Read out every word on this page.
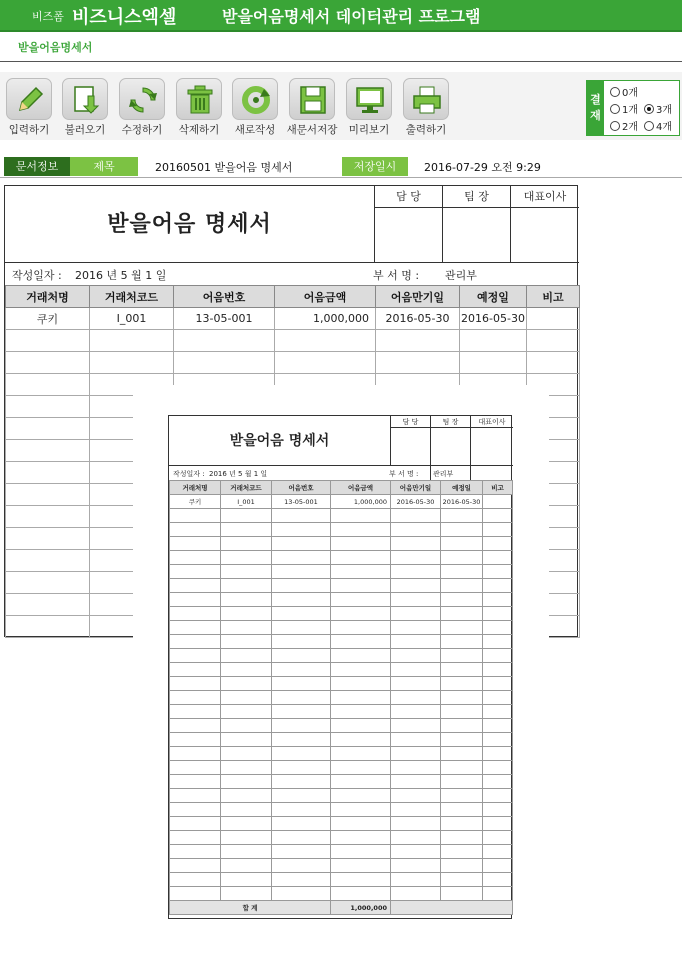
비즈폼 비즈니스엑셀	받을어음명세서 데이터관리 프로그램
받을어음명세서
입력하기	불러오기	수정하기	삭제하기	새로작성	새문서저장	미리보기	출력하기
결재
0개
1개	3개
2개	4개
문서정보	제목	20160501 받을어음 명세서	저장일시	2016-07-29 오전 9:29
받을어음 명세서
담 당	팀 장	대표이사
작성일자 : 2016 년 5 월 1 일	부 서 명 : 관리부
거래처명	거래처코드	어음번호	어음금액	어음만기일	예정일	비고
쿠키	I_001	13-05-001	1,000,000	2016-05-30	2016-05-30	

받을어음 명세서
담 당	팀 장	대표이사
작성일자 : 2016 년 5 월 1 일	부 서 명 : 관리부
거래처명	거래처코드	어음번호	어음금액	어음만기일	예정일	비고
쿠키	I_001	13-05-001	1,000,000	2016-05-30	2016-05-30	

합 계			1,000,000			
